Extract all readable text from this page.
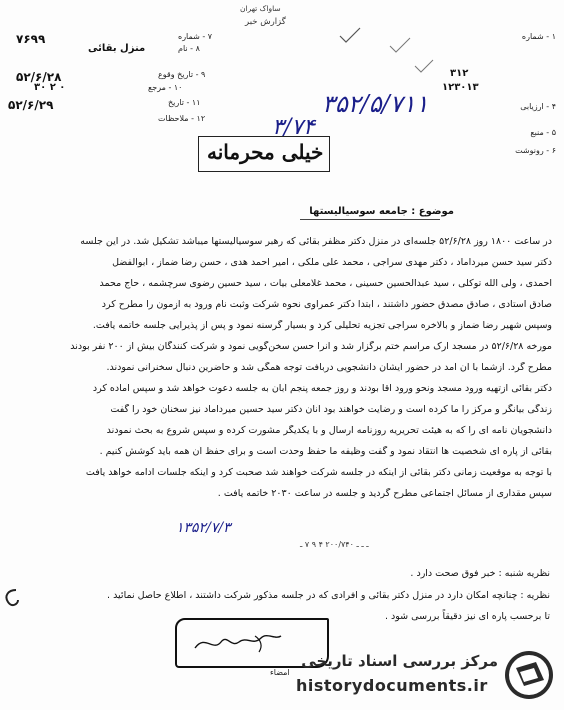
ساواک تهران
گزارش خبر
۷۶۹۹	۷ - شماره
منزل بقائی	۸ - نام
۵۲/۶/۲۸	۹ - تاریخ وقوع
۳۰ ۲ ۰	۱۰ - مرجع
۵۲/۶/۲۹	۱۱ - تاریخ
۱۲ - ملاحظات
۱ - شماره
۳۱۲
۱۲۳۰۱۳
۴ - ارزیابی
۵ - منبع
۶ - رونوشت
۳۵۲/۵/۷۱۱
۳/۷۴
خیلی محرمانه
موضوع : جامعه سوسیالیستها
در ساعت ۱۸۰۰ روز ۵۲/۶/۲۸ جلسه‌ای در منزل دکتر مظفر بقائی که رهبر سوسیالیستها میباشد تشکیل شد. در این جلسه
دکتر سید حسن میرداماد ، دکتر مهدی سراجی ، محمد علی ملکی ، امیر احمد هدی ، حسن رضا ضماز ، ابوالفضل
احمدی ، ولی الله توکلی ، سید عبدالحسین حسینی ، محمد غلامعلی بیات ، سید حسین رضوی سرچشمه ، حاج محمد
صادق استادی ، صادق مصدق حضور داشتند ، ابتدا دکتر عمراوی نحوه شرکت وثبت نام ورود به آزمون را مطرح کرد
وسپس شهیر رضا ضماز و بالاخره سراجی تجزیه تحلیلی کرد و بسیار گرسنه نمود و پس از پذیرایی جلسه خاتمه یافت.
مورخه ۵۲/۶/۲۸ در مسجد ارک مراسم ختم برگزار شد و آنرا حسن سخن‌گویی نمود و شرکت کنندگان بیش از ۲۰۰ نفر بودند
مطرح گرد. ازشما با آن آمد در حضور ایشان دانشجویی دربافت توجه همگی شد و حاضرین دنبال سخنرانی نمودند.
دکتر بقائی ازتهیه ورود مسجد ونحو ورود آقا بودند و روز جمعه پنجم آبان به جلسه دعوت خواهد شد و سپس آماده کرد
زندگی بیانگر و مرکز را ما کرده است و رضایت خواهند بود آنان دکتر سید حسین میرداماد نیز سخنان خود را گفت
دانشجویان نامه ای را که به هیئت تحریریه روزنامه ارسال و با یکدیگر مشورت کرده و سپس شروع به بحث نمودند
بقائی از پاره ای شخصیت ها انتقاد نمود و گفت وظیفه ما حفظ وحدت است و برای حفظ آن همه باید کوشش کنیم .
با توجه به موقعیت زمانی دکتر بقائی از اینکه در جلسه شرکت خواهند شد صحبت کرد و اینکه جلسات ادامه خواهد یافت
سپس مقداری از مسائل اجتماعی مطرح گردید و جلسه در ساعت ۲۰۳۰ خاتمه یافت .
۱۳۵۲/۷/۳
ـ ـ ـ ۲۰۰/۷۴۰ ۴ ۹ ۷ ـ
نظریه شنبه : خبر فوق صحت دارد .
نظریه : چنانچه امکان دارد در منزل دکتر بقائی و افرادی که در جلسه مذکور شرکت داشتند ، اطلاع حاصل نمائید .
تا برحسب پاره ای نیز دقیقاً بررسی شود .
امضاء
مرکز بررسی اسناد تاریخی
historydocuments.ir
